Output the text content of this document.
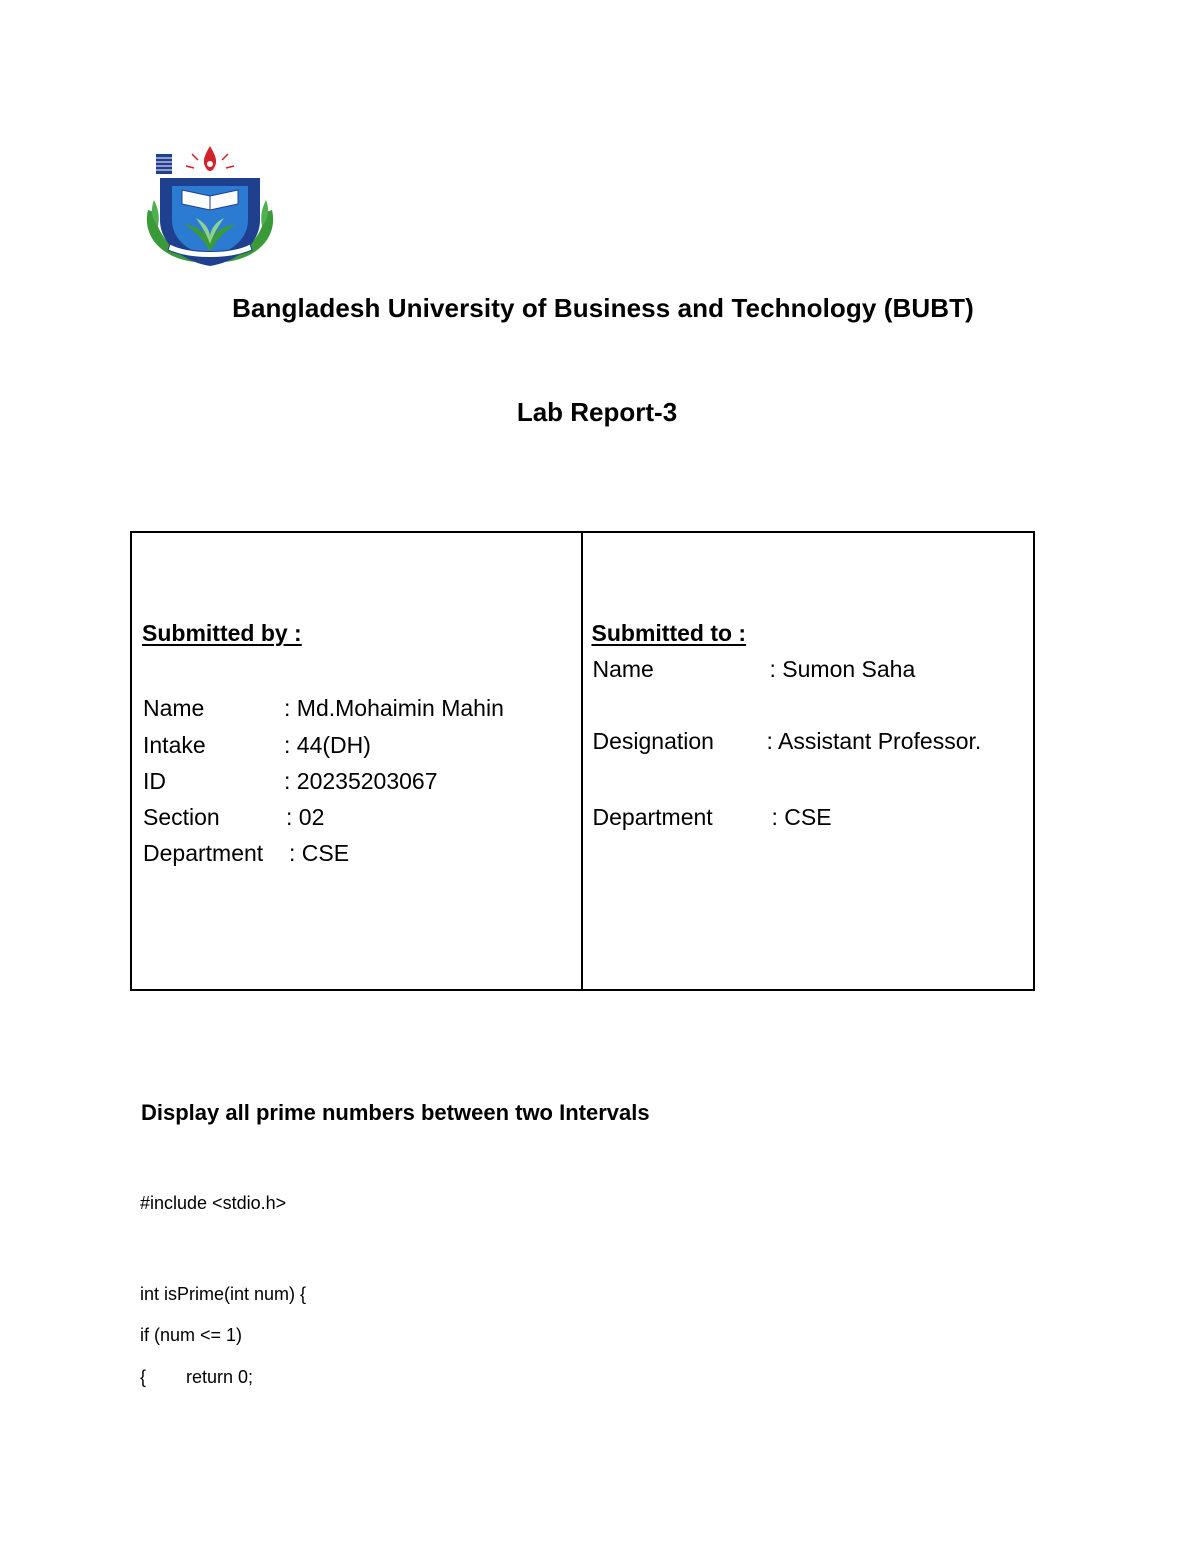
Bangladesh University of Business and Technology (BUBT)
Lab Report-3
Submitted by :
Name	: Md.Mohaimin Mahin
Intake	: 44(DH)
ID	: 20235203067
Section	: 02
Department : CSE
Submitted to :
Name	: Sumon Saha
Designation : Assistant Professor.
Department	: CSE
Display all prime numbers between two Intervals
#include <stdio.h>
int isPrime(int num) {
if (num <= 1)
{        return 0;
